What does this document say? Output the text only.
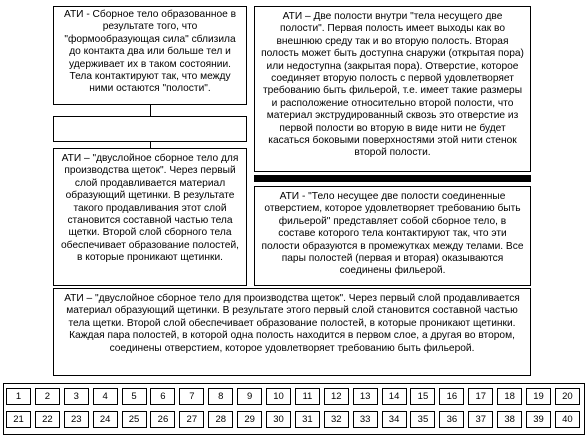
АТИ - Сборное тело образованное в результате того, что "формообразующая сила" сблизила до контакта два или больше тел и удерживает их в таком состоянии. Тела контактируют так, что между ними остаются "полости".
АТИ – "двуслойное сборное тело для производства щеток". Через первый слой продавливается материал образующий щетинки. В результате такого продавливания этот слой становится составной частью тела щетки. Второй слой сборного тела обеспечивает образование полостей, в которые проникают щетинки.
АТИ – Две полости внутри "тела несущего две полости". Первая полость имеет выходы как во внешнюю среду так и во вторую полость. Вторая полость может быть доступна снаружи (открытая пора) или недоступна (закрытая пора). Отверстие, которое соединяет вторую полость с первой удовлетворяет требованию быть фильерой, т.е. имеет такие размеры и расположение относительно второй полости, что материал экструдированный сквозь это отверстие из первой полости во вторую в виде нити не будет касаться боковыми поверхностями этой нити стенок второй полости.
АТИ - "Тело несущее две полости соединенные отверстием, которое удовлетворяет требованию быть фильерой" представляет собой сборное тело, в составе которого тела контактируют так, что эти полости образуются в промежутках между телами. Все пары полостей (первая и вторая) оказываются соединены фильерой.
АТИ – "двуслойное сборное тело для производства щеток". Через первый слой продавливается материал образующий щетинки. В результате этого первый слой становится составной частью тела щетки. Второй слой обеспечивает образование полостей, в которые проникают щетинки. Каждая пара полостей, в которой одна полость находится в первом слое, а другая во втором, соединены отверстием, которое удовлетворяет требованию быть фильерой.
1	2	3	4	5	6	7	8	9	10	11	12	13	14	15	16	17	18	19	20
21	22	23	24	25	26	27	28	29	30	31	32	33	34	35	36	37	38	39	40
